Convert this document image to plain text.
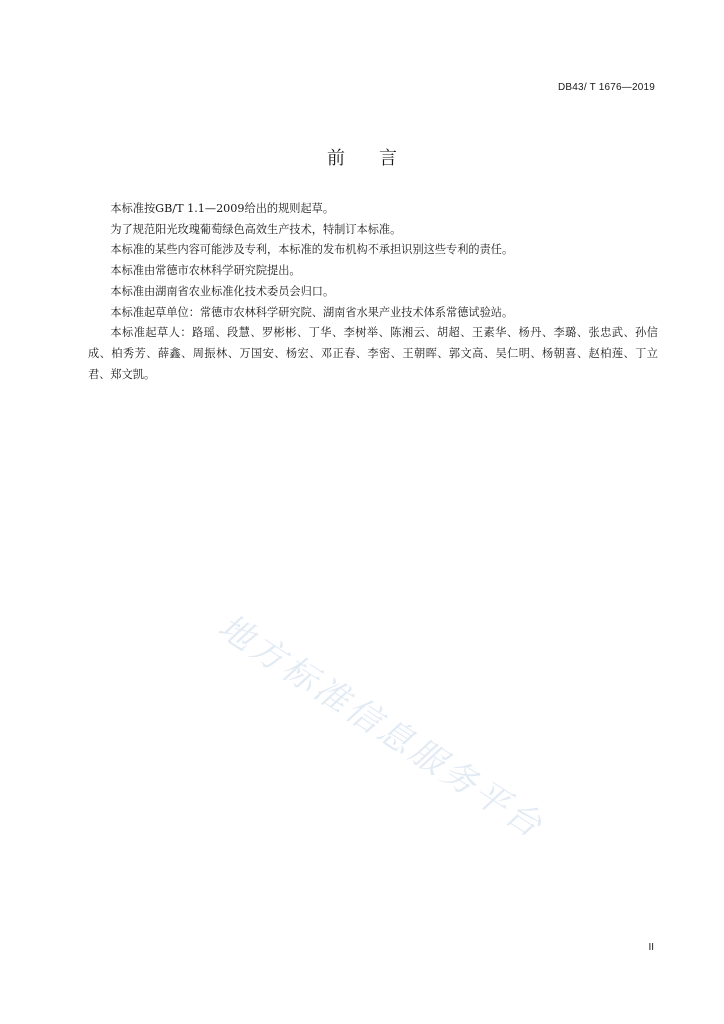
DB43/ T 1676—2019
前 言

本标准按GB/T 1.1—2009给出的规则起草。

为了规范阳光玫瑰葡萄绿色高效生产技术，特制订本标准。

本标准的某些内容可能涉及专利，本标准的发布机构不承担识别这些专利的责任。

本标准由常德市农林科学研究院提出。

本标准由湖南省农业标准化技术委员会归口。

本标准起草单位：常德市农林科学研究院、湖南省水果产业技术体系常德试验站。

本标准起草人：路瑶、段慧、罗彬彬、丁华、李树举、陈湘云、胡超、王素华、杨丹、李璐、张忠武、孙信成、柏秀芳、薛鑫、周振林、万国安、杨宏、邓正春、李密、王朝晖、郭文高、吴仁明、杨朝喜、赵柏莲、丁立君、郑文凯。

地方标准信息服务平台
II
